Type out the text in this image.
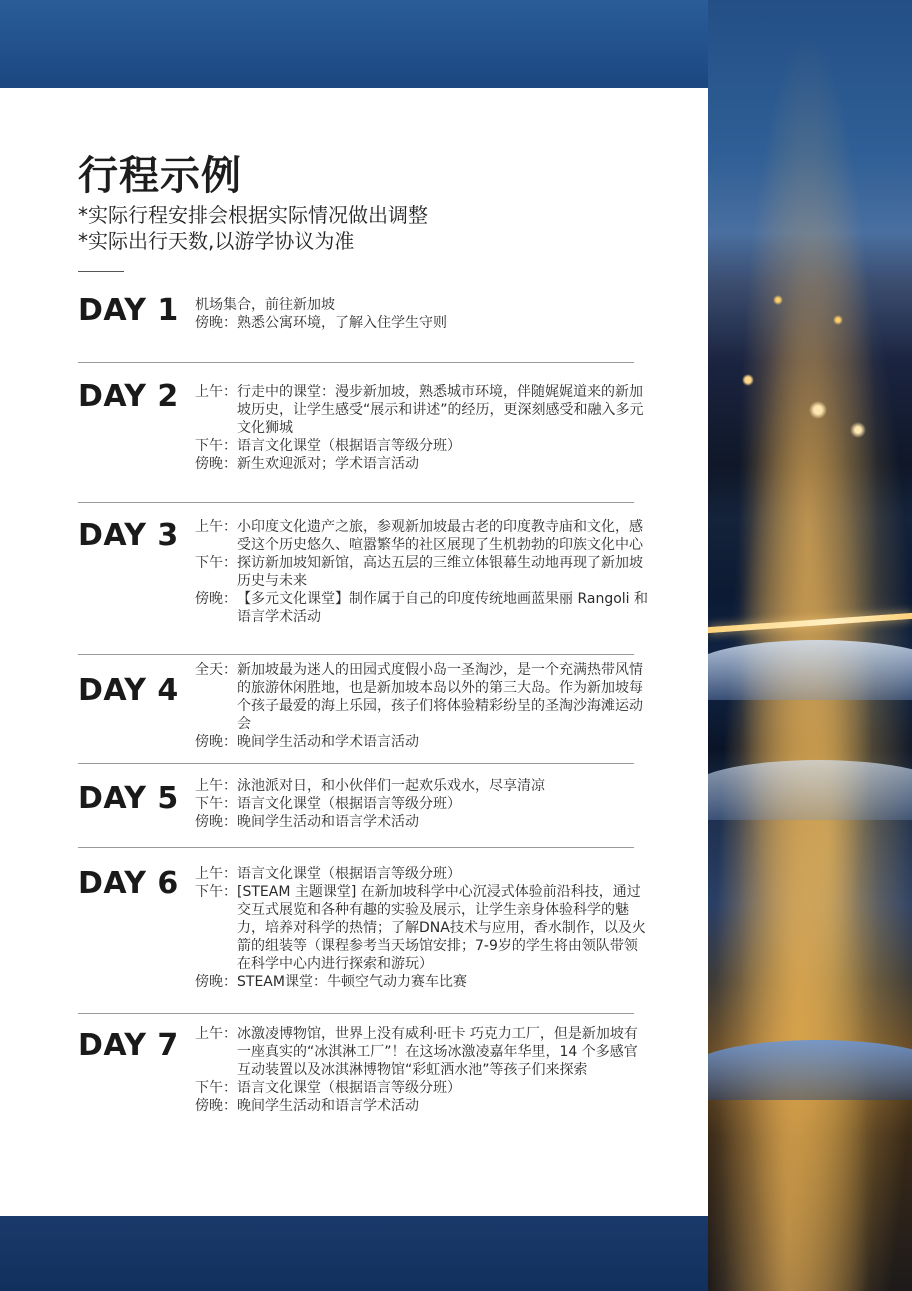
行程示例
*实际行程安排会根据实际情况做出调整
*实际出行天数,以游学协议为准
DAY 1 机场集合，前往新加坡
傍晚： 熟悉公寓环境，了解入住学生守则
DAY 2 上午： 行走中的课堂：漫步新加坡，熟悉城市环境，伴随娓娓道来的新加坡历史，让学生感受“展示和讲述”的经历，更深刻感受和融入多元文化狮城
下午： 语言文化课堂（根据语言等级分班）
傍晚： 新生欢迎派对；学术语言活动
DAY 3 上午： 小印度文化遗产之旅，参观新加坡最古老的印度教寺庙和文化，感受这个历史悠久、喧嚣繁华的社区展现了生机勃勃的印族文化中心
下午： 探访新加坡知新馆，高达五层的三维立体银幕生动地再现了新加坡历史与未来
傍晚： 【多元文化课堂】制作属于自己的印度传统地画蓝果丽 Rangoli 和语言学术活动
DAY 4
全天： 新加坡最为迷人的田园式度假小岛一圣淘沙，是一个充满热带风情的旅游休闲胜地，也是新加坡本岛以外的第三大岛。作为新加坡每个孩子最爱的海上乐园，孩子们将体验精彩纷呈的圣淘沙海滩运动会
傍晚： 晚间学生活动和学术语言活动
DAY 5 上午： 泳池派对日，和小伙伴们一起欢乐戏水，尽享清凉
下午： 语言文化课堂（根据语言等级分班）
傍晚： 晚间学生活动和语言学术活动
DAY 6 上午： 语言文化课堂（根据语言等级分班）
下午： [STEAM 主题课堂] 在新加坡科学中心沉浸式体验前沿科技，通过交互式展览和各种有趣的实验及展示，让学生亲身体验科学的魅力，培养对科学的热情；了解DNA技术与应用，香水制作，以及火箭的组装等（课程参考当天场馆安排；7-9岁的学生将由领队带领在科学中心内进行探索和游玩）
傍晚： STEAM课堂：牛顿空气动力赛车比赛
DAY 7 上午： 冰激凌博物馆，世界上没有威利·旺卡 巧克力工厂，但是新加坡有一座真实的“冰淇淋工厂”！在这场冰激凌嘉年华里，14 个多感官互动装置以及冰淇淋博物馆“彩虹洒水池”等孩子们来探索
下午： 语言文化课堂（根据语言等级分班）
傍晚： 晚间学生活动和语言学术活动
